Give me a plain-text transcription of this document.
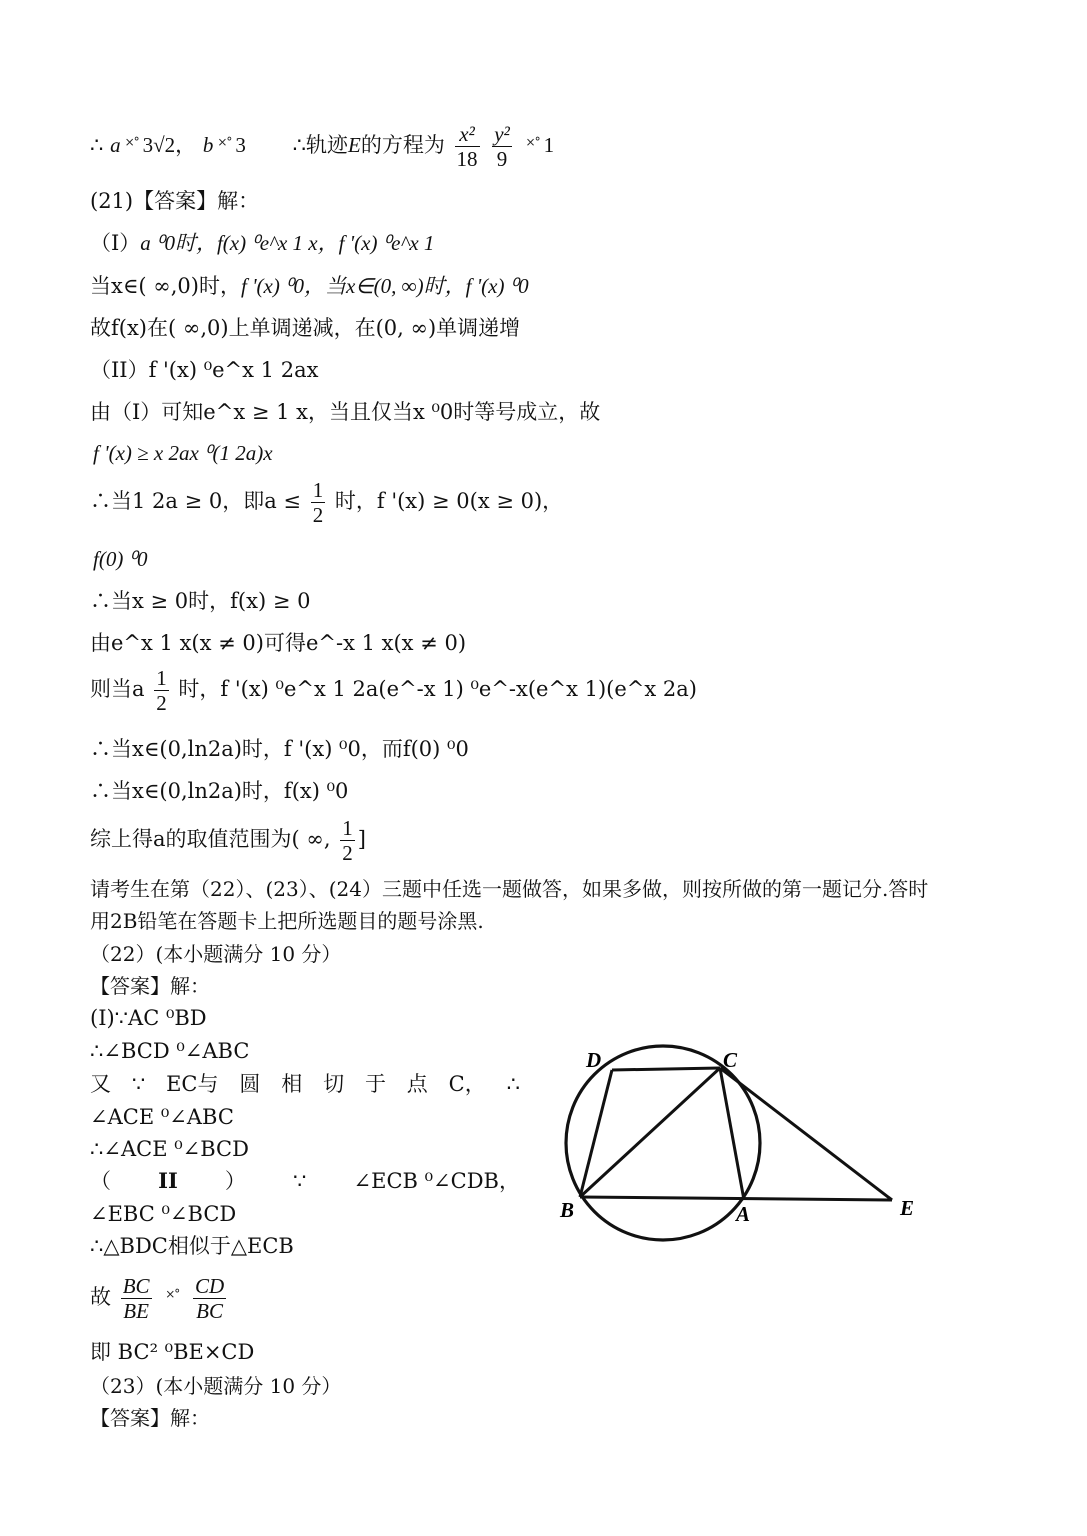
∴ a ×° 3√2， b ×° 3 ∴轨迹E的方程为 $\frac{\text{x²}}{18}$
$\frac{\text{y²}}{9} ^{\times^\circ}$ 1
(21)【答案】解：
（I）a ⁰0时，f(x) ⁰e^x 1 x，f '(x) ⁰e^x 1
当x∈( ∞,0)时，f '(x) ⁰0，当x∈(0, ∞)时，f '(x) ⁰0
故f(x)在( ∞,0)上单调递减，在(0, ∞)单调递增
（II）f '(x) ⁰e^x 1 2ax
由（I）可知e^x ≥ 1 x，当且仅当x ⁰0时等号成立，故
f '(x) ≥ x 2ax ⁰(1 2a)x
∴当1 2a ≥ 0，即$a \le \frac{1}{2}$ 时，f '(x) ≥ 0(x ≥ 0)，
f(0) ⁰0
∴当x ≥ 0时，f(x) ≥ 0
由e^x 1 x(x ≠ 0)可得e^-x 1 x(x ≠ 0)
则当a $\frac{1}{2}$ 时，f '(x) ⁰e^x 1 2a(e^-x 1) ⁰e^-x(e^x 1)(e^x 2a)
∴当x∈(0,ln2a)时，f '(x) ⁰0，而f(0) ⁰0
∴当x∈(0,ln2a)时，f(x) ⁰0
综上得a的取值范围为( ∞, $\frac{1}{2}$ ]
请考生在第（22）、(23）、(24）三题中任选一题做答，如果多做，则按所做的第一题记分.答时
用2B铅笔在答题卡上把所选题目的题号涂黑.
（22）(本小题满分 10 分）
【答案】解：
(I)∵AC ⁰BD
∴∠BCD ⁰∠ABC
又 ∵ EC与 圆 相 切 于 点 C， ∴
∠ACE ⁰∠ABC
∴∠ACE ⁰∠BCD
（ II ） ∵ ∠ECB ⁰∠CDB，
∠EBC ⁰∠BCD
∴△BDC相似于△ECB
故 $\frac{BC}{BE} ^{\times^\circ} \frac{CD}{BC}$
即 BC² ⁰BE×CD
（23）(本小题满分 10 分）
【答案】解：
D	C
B	A	E
